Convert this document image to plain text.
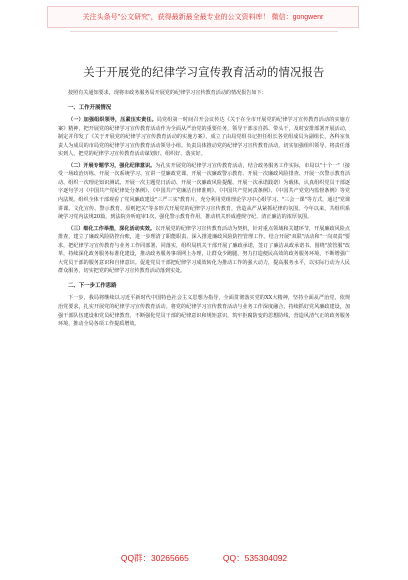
关注头条号"公文研究"，获得最新最全最专业的公文资料库！ 微信：gongwenr
关于开展党的纪律学习宣传教育活动的情况报告

按照有关通知要求，现将市政务服务局开展党的纪律学习宣传教育活动的情况报告如下：

一、工作开展情况

（一）加强组织领导，压紧压实责任。局党组第一时间召开会议传达《关于在全市开展党的纪律学习宣传教育活动的实施方案》精神，把开展党的纪律学习宣传教育活动作为全面从严治党的重要任务，领导干部亲自抓、带头干，及时安排部署开展活动，制定并印发了《关于开展党的纪律学习宣传教育活动的实施方案》，成立了由局党组书记担任组长各党组成员为副组长，各科室负责人为成员的市局党的纪律学习宣传教育活动领导小组。负责具体推动党的纪律学习宣传教育活动，切实加强组织领导，将责任落实到人，把党的纪律学习宣传教育活动谋划好、组织好、落实好。

（二）开展专题学习，强化纪律意识。为孔实开展党的纪律学习宣传教育活动，结合政务服务工作实际，市局以"十个一"（接受一场政治历练、开展一次系统学习、宣讲一堂廉政党课、开展一次廉政警示教育、开展一次廉政风险排查、开展一次警示教育活动、组织一次理论知识测试、开展一次主题党日活动、开展一次廉政风险提醒、开展一次承诺践诺）为载体，认真组织党员干部逐字逐句学习《中国共产党纪律处分条例》、《中国共产党廉洁自律准则》、《中国共产党问责条例》、《中国共产党党内监督条例》等党内法规。组织全体干部观看了党风廉政建设"三严三实"教育片，充分利用党组理论学习中心组学习、"三会一课"等方式，通过"党课讲课、文化宣传、警示教育、原则把关"等多形式开展党的纪律学习宣传教育，营造从严从紧抓纪律的氛围。今年以来，共组织系统学习党内法规20篇，到法院旁听庭审1次，强化警示教育作用，推动机关形成遵规守纪、清正廉洁的浓厚氛围。

（三）细化工作举措，深化活动实效。以开展党的纪律学习宣传教育活动为契机，针对重点领域和关键环节，开展廉政风险点排查，建立了廉政风险防控台账，进一步理清了职能职责，深入推进廉政风险防控管理工作。结合开展"双联"活动和"一岗双责"要求，把纪律学习宣传教育与业务工作同部署、同落实，组织局机关干部开展了廉政承诺，签订了廉洁从政承诺书。围绕"放管服"改革，持续深化政务服务标准化建设，推动政务服务事项网上办理，让群众少跑腿，努力打造便民高效的政务服务环境，不断增强广大党员干部的服务意识和自律意识。促进党员干部把纪律学习成效转化为推动工作的强大动力，提高服务水平，以实际行动为人民群众服务，切实把党的纪律学习宣传教育活动落到实处。

二、下一步工作思路

下一步，我局将继续以习近平新时代中国特色社会主义思想为指导，全面贯彻落实党的XX大精神，坚持全面从严治党，依规治党要求，扎实开展党的纪律学习宣传教育活动。将党的纪律学习宣传教育活动与业务工作深度融合，持续抓好党风廉政建设，加强干部队伍建设和党员纪律教育，不断强化党员干部的纪律意识和规矩意识，筑牢拒腐防变的思想防线，营造风清气正的政务服务环境，推动全局各项工作提质增效。

QQ群：30265665	QQ：535304092
